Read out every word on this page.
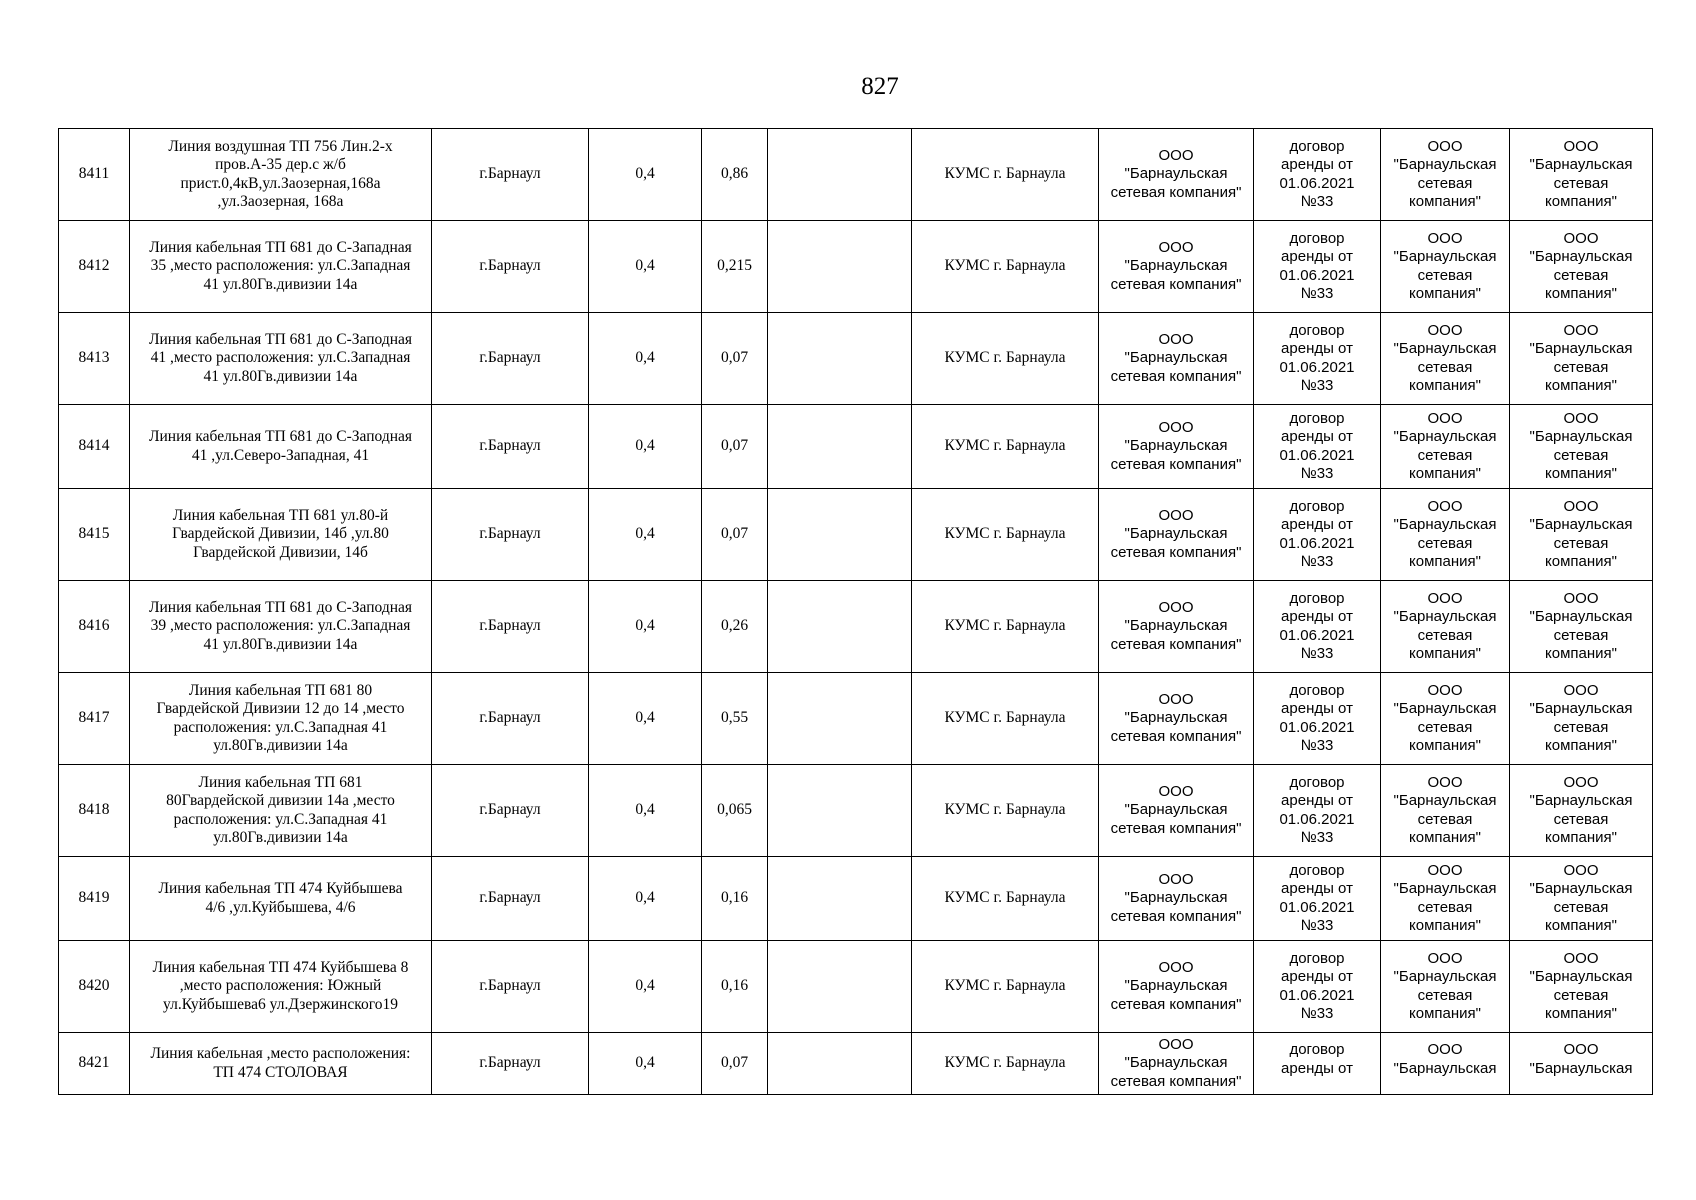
827
8411	Линия воздушная ТП 756 Лин.2-х
пров.А-35 дер.с ж/б
прист.0,4кВ,ул.Заозерная,168а
,ул.Заозерная, 168а	г.Барнаул	0,4	0,86		КУМС г. Барнаула	ООО
"Барнаульская
сетевая компания"	договор
аренды от
01.06.2021
№33	ООО
"Барнаульская
сетевая
компания"	ООО
"Барнаульская
сетевая
компания"

8412	Линия кабельная ТП 681 до С-Западная
35 ,место расположения: ул.С.Западная
41 ул.80Гв.дивизии 14а	г.Барнаул	0,4	0,215		КУМС г. Барнаула	ООО
"Барнаульская
сетевая компания"	договор
аренды от
01.06.2021
№33	ООО
"Барнаульская
сетевая
компания"	ООО
"Барнаульская
сетевая
компания"

8413	Линия кабельная ТП 681 до С-Заподная
41 ,место расположения: ул.С.Западная
41 ул.80Гв.дивизии 14а	г.Барнаул	0,4	0,07		КУМС г. Барнаула	ООО
"Барнаульская
сетевая компания"	договор
аренды от
01.06.2021
№33	ООО
"Барнаульская
сетевая
компания"	ООО
"Барнаульская
сетевая
компания"

8414	Линия кабельная ТП 681 до С-Заподная
41 ,ул.Северо-Западная, 41	г.Барнаул	0,4	0,07		КУМС г. Барнаула	ООО
"Барнаульская
сетевая компания"	договор
аренды от
01.06.2021
№33	ООО
"Барнаульская
сетевая
компания"	ООО
"Барнаульская
сетевая
компания"

8415	Линия кабельная ТП 681 ул.80-й
Гвардейской Дивизии, 14б ,ул.80
Гвардейской Дивизии, 14б	г.Барнаул	0,4	0,07		КУМС г. Барнаула	ООО
"Барнаульская
сетевая компания"	договор
аренды от
01.06.2021
№33	ООО
"Барнаульская
сетевая
компания"	ООО
"Барнаульская
сетевая
компания"

8416	Линия кабельная ТП 681 до С-Заподная
39 ,место расположения: ул.С.Западная
41 ул.80Гв.дивизии 14а	г.Барнаул	0,4	0,26		КУМС г. Барнаула	ООО
"Барнаульская
сетевая компания"	договор
аренды от
01.06.2021
№33	ООО
"Барнаульская
сетевая
компания"	ООО
"Барнаульская
сетевая
компания"

8417	Линия кабельная ТП 681 80
Гвардейской Дивизии 12 до 14 ,место
расположения: ул.С.Западная 41
ул.80Гв.дивизии 14а	г.Барнаул	0,4	0,55		КУМС г. Барнаула	ООО
"Барнаульская
сетевая компания"	договор
аренды от
01.06.2021
№33	ООО
"Барнаульская
сетевая
компания"	ООО
"Барнаульская
сетевая
компания"

8418	Линия кабельная ТП 681
80Гвардейской дивизии 14а ,место
расположения: ул.С.Западная 41
ул.80Гв.дивизии 14а	г.Барнаул	0,4	0,065		КУМС г. Барнаула	ООО
"Барнаульская
сетевая компания"	договор
аренды от
01.06.2021
№33	ООО
"Барнаульская
сетевая
компания"	ООО
"Барнаульская
сетевая
компания"

8419	Линия кабельная ТП 474 Куйбышева
4/6 ,ул.Куйбышева, 4/6	г.Барнаул	0,4	0,16		КУМС г. Барнаула	ООО
"Барнаульская
сетевая компания"	договор
аренды от
01.06.2021
№33	ООО
"Барнаульская
сетевая
компания"	ООО
"Барнаульская
сетевая
компания"

8420	Линия кабельная ТП 474 Куйбышева 8
,место расположения: Южный
ул.Куйбышева6 ул.Дзержинского19	г.Барнаул	0,4	0,16		КУМС г. Барнаула	ООО
"Барнаульская
сетевая компания"	договор
аренды от
01.06.2021
№33	ООО
"Барнаульская
сетевая
компания"	ООО
"Барнаульская
сетевая
компания"

8421	Линия кабельная ,место расположения:
ТП 474 СТОЛОВАЯ	г.Барнаул	0,4	0,07		КУМС г. Барнаула	ООО
"Барнаульская
сетевая компания"	договор
аренды от	ООО
"Барнаульская	ООО
"Барнаульская
